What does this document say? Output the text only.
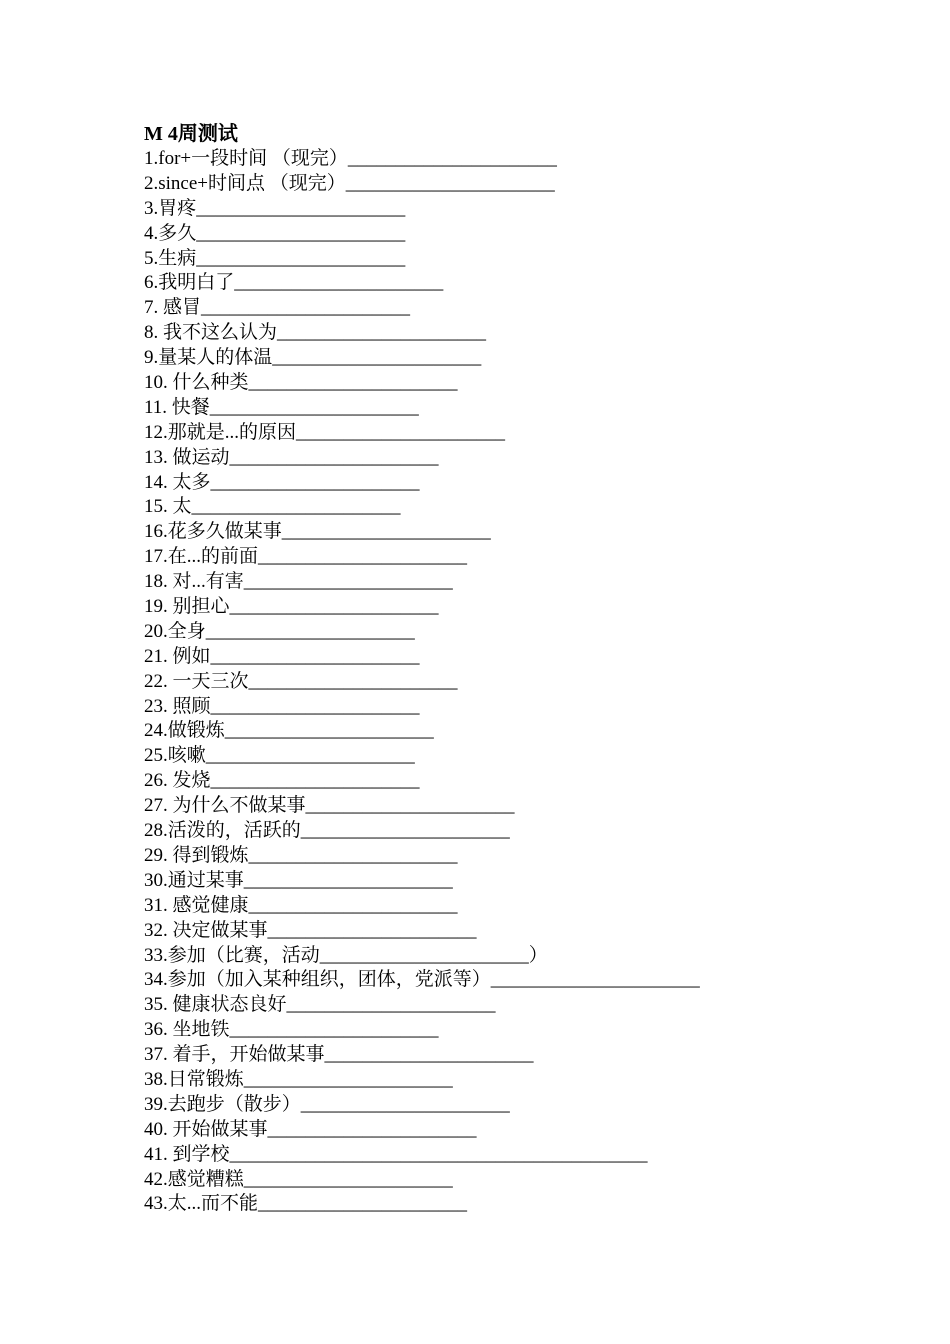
M 4周测试
1.for+一段时间 （现完）______________________
2.since+时间点 （现完）______________________
3.胃疼______________________
4.多久______________________
5.生病______________________
6.我明白了______________________
7. 感冒______________________
8. 我不这么认为______________________
9.量某人的体温______________________
10. 什么种类______________________
11. 快餐______________________
12.那就是...的原因______________________
13. 做运动______________________
14. 太多______________________
15. 太______________________
16.花多久做某事______________________
17.在...的前面______________________
18. 对...有害______________________
19. 别担心______________________
20.全身______________________
21. 例如______________________
22. 一天三次______________________
23. 照顾______________________
24.做锻炼______________________
25.咳嗽______________________
26. 发烧______________________
27. 为什么不做某事______________________
28.活泼的，活跃的______________________
29. 得到锻炼______________________
30.通过某事______________________
31. 感觉健康______________________
32. 决定做某事______________________
33.参加（比赛，活动______________________）
34.参加（加入某种组织，团体，党派等）______________________
35. 健康状态良好______________________
36. 坐地铁______________________
37. 着手，开始做某事______________________
38.日常锻炼______________________
39.去跑步（散步）______________________
40. 开始做某事______________________
41. 到学校____________________________________________
42.感觉糟糕______________________
43.太...而不能______________________
